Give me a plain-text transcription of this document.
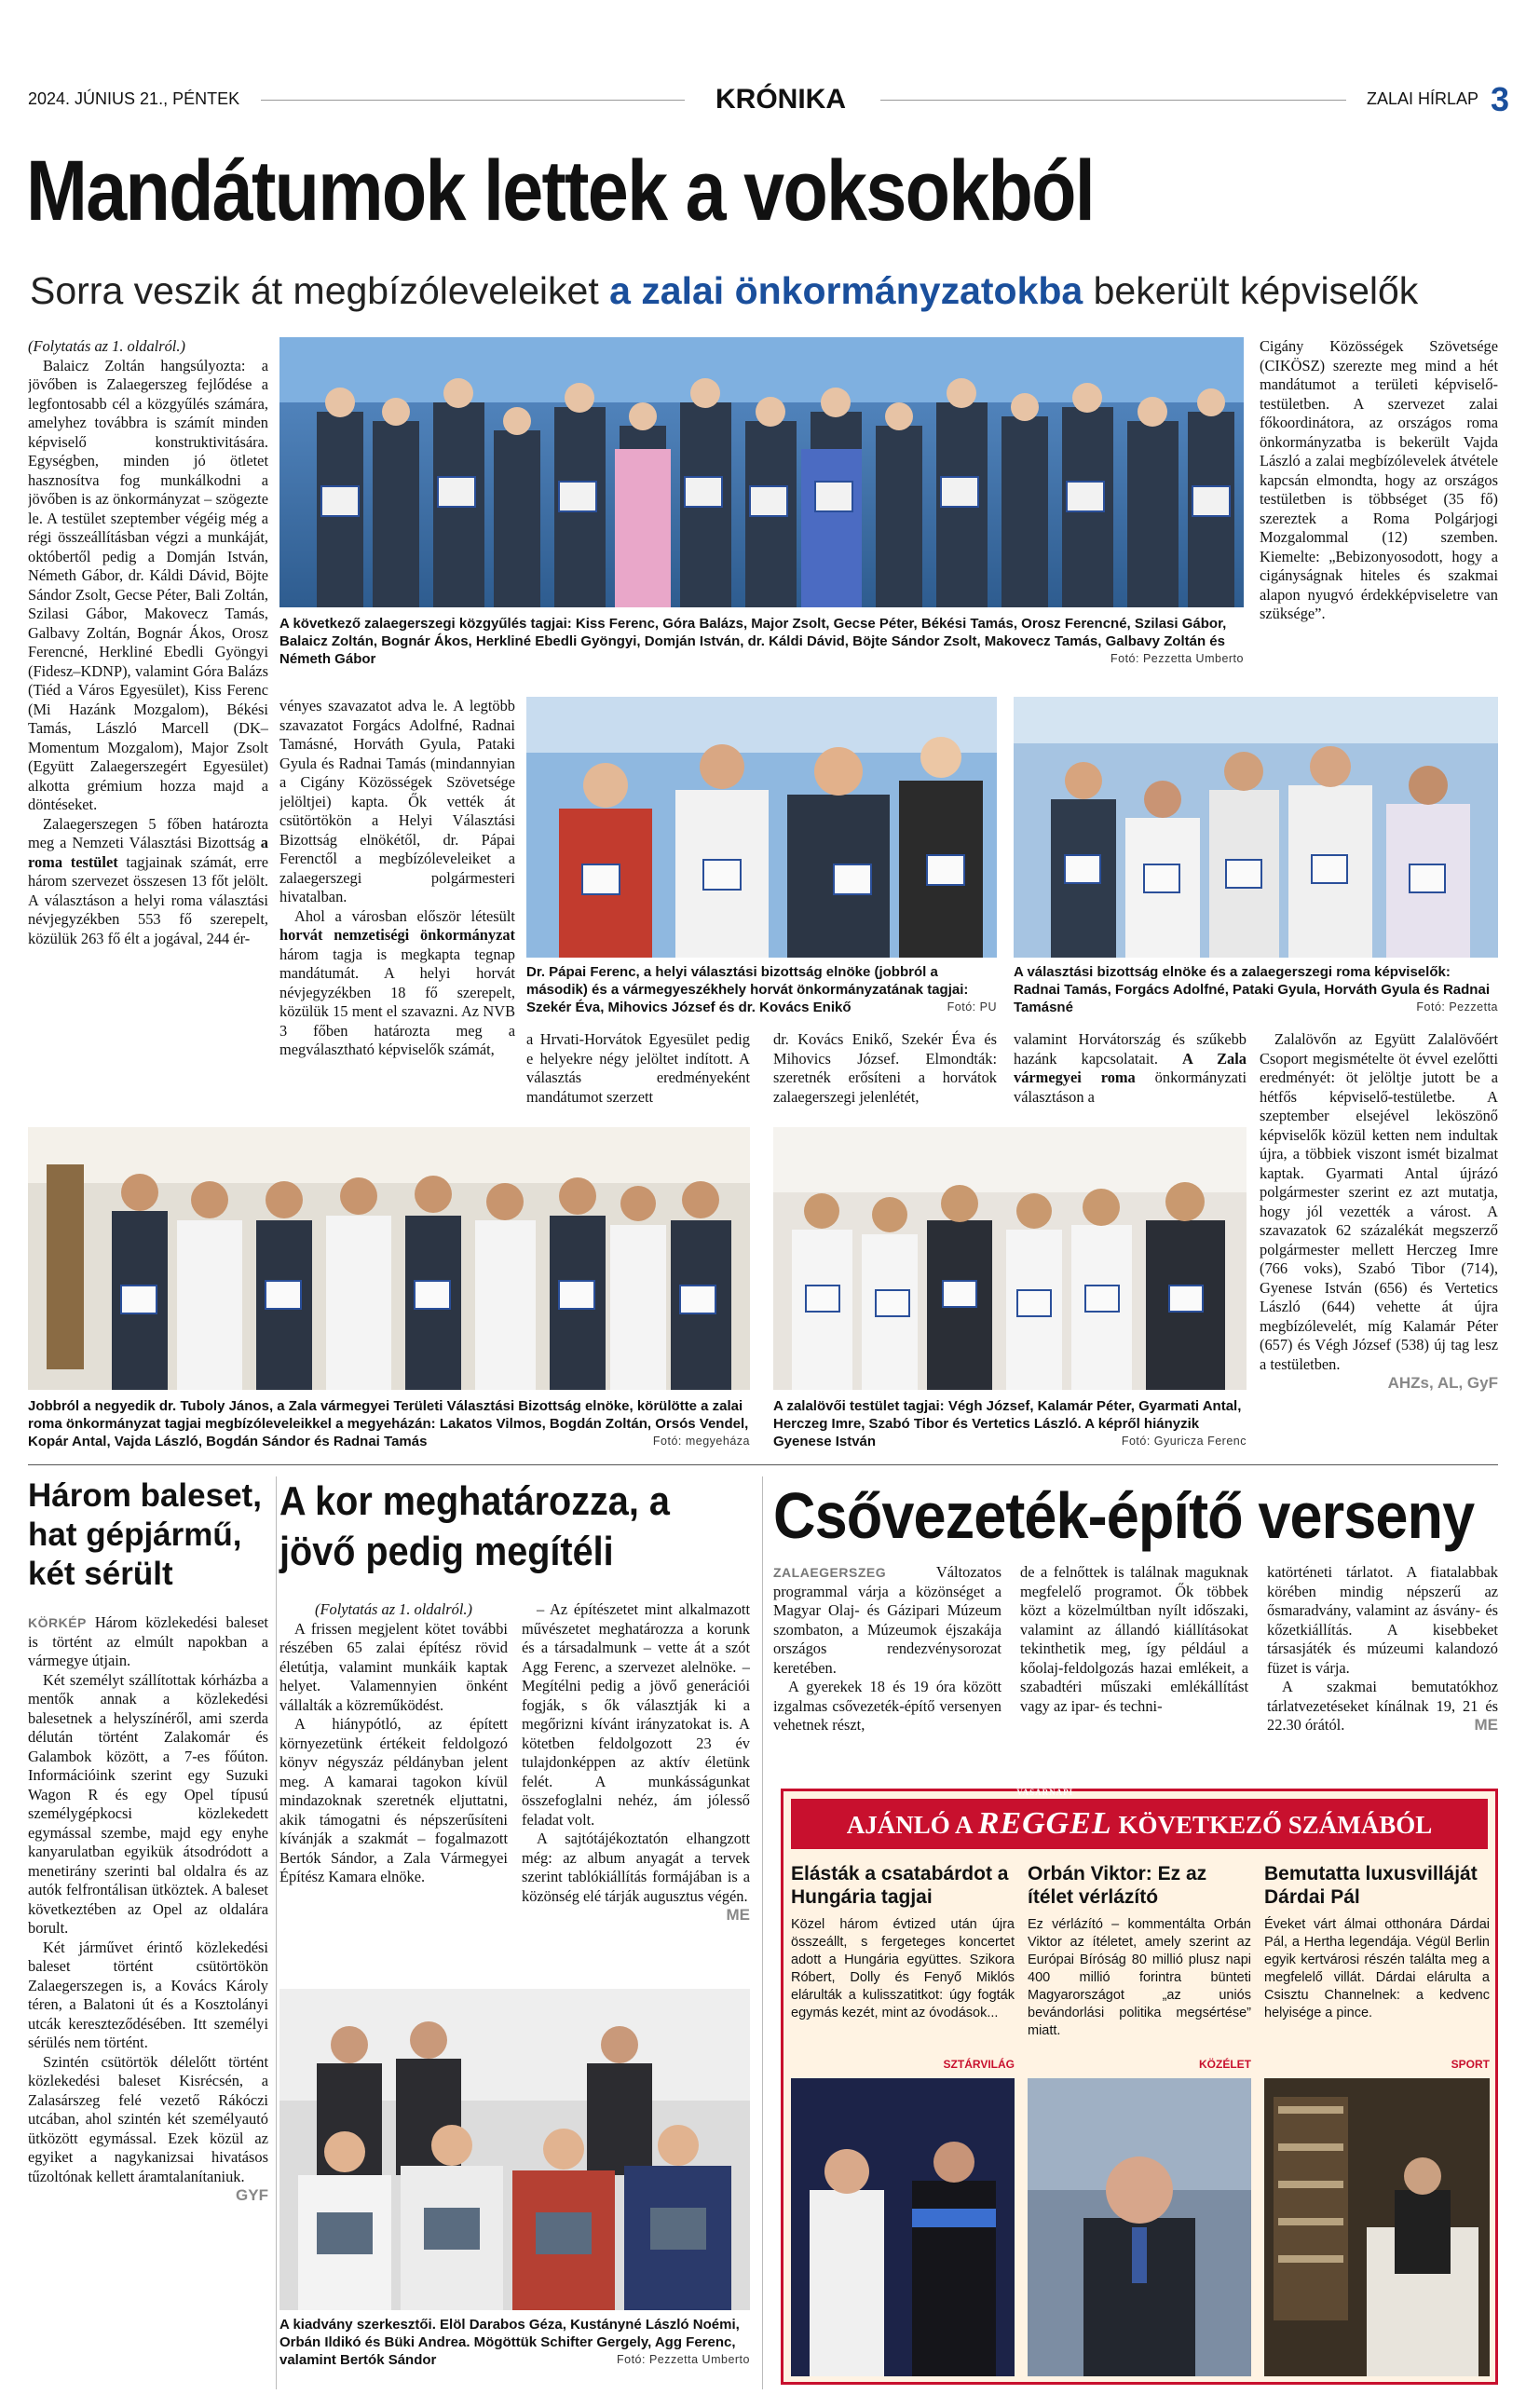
2024. JÚNIUS 21., PÉNTEK	KRÓNIKA	ZALAI HÍRLAP 3
Mandátumok lettek a voksokból
Sorra veszik át megbízóleveleiket a zalai önkormányzatokba bekerült képviselők

(Folytatás az 1. oldalról.)

Balaicz Zoltán hangsúlyozta: a jövőben is Zalaegerszeg fejlődése a legfontosabb cél a közgyűlés számára, amelyhez továbbra is számít minden képviselő konstruktivitására. Egységben, minden jó ötletet hasznosítva fog munkálkodni a jövőben is az önkormányzat – szögezte le. A testület szeptember végéig még a régi összeállításban végzi a munkáját, októbertől pedig a Domján István, Németh Gábor, dr. Káldi Dávid, Böjte Sándor Zsolt, Gecse Péter, Bali Zoltán, Szilasi Gábor, Makovecz Tamás, Galbavy Zoltán, Bognár Ákos, Orosz Ferencné, Herkliné Ebedli Gyöngyi (Fidesz–KDNP), valamint Góra Balázs (Tiéd a Város Egyesület), Kiss Ferenc (Mi Hazánk Mozgalom), Békési Tamás, László Marcell (DK–Momentum Mozgalom), Major Zsolt (Együtt Zalaegerszegért Egyesület) alkotta grémium hozza majd a döntéseket.

Zalaegerszegen 5 főben határozta meg a Nemzeti Választási Bizottság a roma testület tagjainak számát, erre három szervezet összesen 13 főt jelölt. A választáson a helyi roma választási névjegyzékben 553 fő szerepelt, közülük 263 fő élt a jogával, 244 ér-

A következő zalaegerszegi közgyűlés tagjai: Kiss Ferenc, Góra Balázs, Major Zsolt, Gecse Péter, Békési Tamás, Orosz Ferencné, Szilasi Gábor, Balaicz Zoltán, Bognár Ákos, Herkliné Ebedli Gyöngyi, Domján István, dr. Káldi Dávid, Böjte Sándor Zsolt, Makovecz Tamás, Galbavy Zoltán és Németh Gábor	Fotó: Pezzetta Umberto

Cigány Közösségek Szövetsége (CIKÖSZ) szerezte meg mind a hét mandátumot a területi képviselő-testületben. A szervezet zalai főkoordinátora, az országos roma önkormányzatba is bekerült Vajda László a zalai megbízólevelek átvétele kapcsán elmondta, hogy az országos testületben is többséget (35 fő) szereztek a Roma Polgárjogi Mozgalommal (12) szemben. Kiemelte: „Bebizonyosodott, hogy a cigányságnak hiteles és szakmai alapon nyugvó érdekképviseletre van szüksége”.

vényes szavazatot adva le. A legtöbb szavazatot Forgács Adolfné, Radnai Tamásné, Horváth Gyula, Pataki Gyula és Radnai Tamás (mindannyian a Cigány Közösségek Szövetsége jelöltjei) kapta. Ők vették át csütörtökön a Helyi Választási Bizottság elnökétől, dr. Pápai Ferenctől a megbízóleveleiket a zalaegerszegi polgármesteri hivatalban.

Ahol a városban először létesült horvát nemzetiségi önkormányzat három tagja is megkapta tegnap mandátumát. A helyi horvát névjegyzékben 18 fő szerepelt, közülük 15 ment el szavazni. Az NVB 3 főben határozta meg a megválasztható képviselők számát,

Dr. Pápai Ferenc, a helyi választási bizottság elnöke (jobbról a második) és a vármegyeszékhely horvát önkormányzatának tagjai: Szekér Éva, Mihovics József és dr. Kovács Enikő	Fotó: PU
A választási bizottság elnöke és a zalaegerszegi roma képviselők: Radnai Tamás, Forgács Adolfné, Pataki Gyula, Horváth Gyula és Radnai Tamásné	Fotó: Pezzetta

a Hrvati-Horvátok Egyesület pedig e helyekre négy jelöltet indított. A választás eredményeként mandátumot szerzett

dr. Kovács Enikő, Szekér Éva és Mihovics József. Elmondták: szeretnék erősíteni a horvátok zalaegerszegi jelenlétét,

valamint Horvátország és szűkebb hazánk kapcsolatait. A Zala vármegyei roma önkormányzati választáson a

Zalalövőn az Együtt Zalalövőért Csoport megismételte öt évvel ezelőtti eredményét: öt jelöltje jutott be a hétfős képviselő-testületbe. A szeptember elsejével leköszönő képviselők közül ketten nem indultak újra, a többiek viszont ismét bizalmat kaptak. Gyarmati Antal újrázó polgármester szerint ez azt mutatja, hogy jól vezették a várost. A szavazatok 62 százalékát megszerző polgármester mellett Herczeg Imre (766 voks), Szabó Tibor (714), Gyenese István (656) és Vertetics László (644) vehette át újra megbízólevelét, míg Kalamár Péter (657) és Végh József (538) új tag lesz a testületben.

AHZs, AL, GyF

Jobbról a negyedik dr. Tuboly János, a Zala vármegyei Területi Választási Bizottság elnöke, körülötte a zalai roma önkormányzat tagjai megbízóleveleikkel a megyeházán: Lakatos Vilmos, Bogdán Zoltán, Orsós Vendel, Kopár Antal, Vajda László, Bogdán Sándor és Radnai Tamás	Fotó: megyeháza
A zalalövői testület tagjai: Végh József, Kalamár Péter, Gyarmati Antal, Herczeg Imre, Szabó Tibor és Vertetics László. A képről hiányzik Gyenese István	Fotó: Gyuricza Ferenc
Három baleset, hat gépjármű, két sérült

KÖRKÉP Három közlekedési baleset is történt az elmúlt napokban a vármegye útjain.

Két személyt szállítottak kórházba a mentők annak a közlekedési balesetnek a helyszínéről, ami szerda délután történt Zalakomár és Galambok között, a 7-es főúton. Információink szerint egy Suzuki Wagon R és egy Opel típusú személygépkocsi közlekedett egymással szembe, majd egy enyhe kanyarulatban egyikük átsodródott a menetirány szerinti bal oldalra és az autók felfrontálisan ütköztek. A baleset következtében az Opel az oldalára borult.

Két járművet érintő közlekedési baleset történt csütörtökön Zalaegerszegen is, a Kovács Károly téren, a Balatoni út és a Kosztolányi utcák kereszteződésében. Itt személyi sérülés nem történt.

Szintén csütörtök délelőtt történt közlekedési baleset Kisrécsén, a Zalasárszeg felé vezető Rákóczi utcában, ahol szintén két személyautó ütközött egymással. Ezek közül az egyiket a nagykanizsai hivatásos tűzoltónak kellett áramtalanítaniuk.

GYF

A kor meghatározza, a jövő pedig megítéli

(Folytatás az 1. oldalról.)

A frissen megjelent kötet további részében 65 zalai építész rövid életútja, valamint munkáik kaptak helyet. Valamennyien önként vállalták a közreműködést.

A hiánypótló, az épített környezetünk értékeit feldolgozó könyv négyszáz példányban jelent meg. A kamarai tagokon kívül mindazoknak szeretnék eljuttatni, akik támogatni és népszerűsíteni kívánják a szakmát – fogalmazott Bertók Sándor, a Zala Vármegyei Építész Kamara elnöke.

– Az építészetet mint alkalmazott művészetet meghatározza a korunk és a társadalmunk – vette át a szót Agg Ferenc, a szervezet alelnöke. – Megítélni pedig a jövő generációi fogják, s ők választják ki a megőrizni kívánt irányzatokat is. A kötetben feldolgozott 23 év tulajdonképpen az aktív életünk felét. A munkásságunkat összefoglalni nehéz, ám jólesső feladat volt.

A sajtótájékoztatón elhangzott még: az album anyagát a tervek szerint tablókiállítás formájában is a közönség elé tárják augusztus végén.
ME

A kiadvány szerkesztői. Elöl Darabos Géza, Kustányné László Noémi, Orbán Ildikó és Büki Andrea. Mögöttük Schifter Gergely, Agg Ferenc, valamint Bertók Sándor	Fotó: Pezzetta Umberto
Csővezeték-építő verseny

ZALAEGERSZEG	Változatos programmal várja a közönséget a Magyar Olaj- és Gázipari Múzeum szombaton, a Múzeumok éjszakája országos rendezvénysorozat keretében.

A gyerekek 18 és 19 óra között izgalmas csővezeték-építő versenyen vehetnek részt,

de a felnőttek is találnak maguknak megfelelő programot. Ők többek közt a közelmúltban nyílt időszaki, valamint az állandó kiállításokat tekinthetik meg, így például a kőolaj-feldolgozás hazai emlékeit, a szabadtéri műszaki emlékállítást vagy az ipar- és techni-

katörténeti tárlatot. A fiatalabbak körében mindig népszerű az ősmaradvány, valamint az ásvány- és kőzetkiállítás. A kisebbeket társasjáték és múzeumi kalandozó füzet is várja.

A szakmai bemutatókhoz tárlatvezetéseket kínálnak 19, 21 és 22.30 órától.	ME

AJÁNLÓ A
VASÁRNAPI
REGGEL KÖVETKEZŐ SZÁMÁBÓL
Elásták a csatabárdot a Hungária tagjai
Közel három évtized után újra összeállt, s fergeteges koncertet adott a Hungária együttes. Szikora Róbert, Dolly és Fenyő Miklós elárulták a kulisszatitkot: úgy fogták egymás kezét, mint az óvodások...
SZTÁRVILÁG
Orbán Viktor: Ez az ítélet vérlázító
Ez vérlázító – kommentálta Orbán Viktor az ítéletet, amely szerint az Európai Bíróság 80 millió plusz napi 400 millió forintra bünteti Magyarországot „az uniós bevándorlási politika megsértése” miatt.
KÖZÉLET
Bemutatta luxusvilláját Dárdai Pál
Éveket várt álmai otthonára Dárdai Pál, a Hertha legendája. Végül Berlin egyik kertvárosi részén találta meg a megfelelő villát. Dárdai elárulta a Csisztu Channelnek: a kedvenc helyisége a pince.
SPORT
